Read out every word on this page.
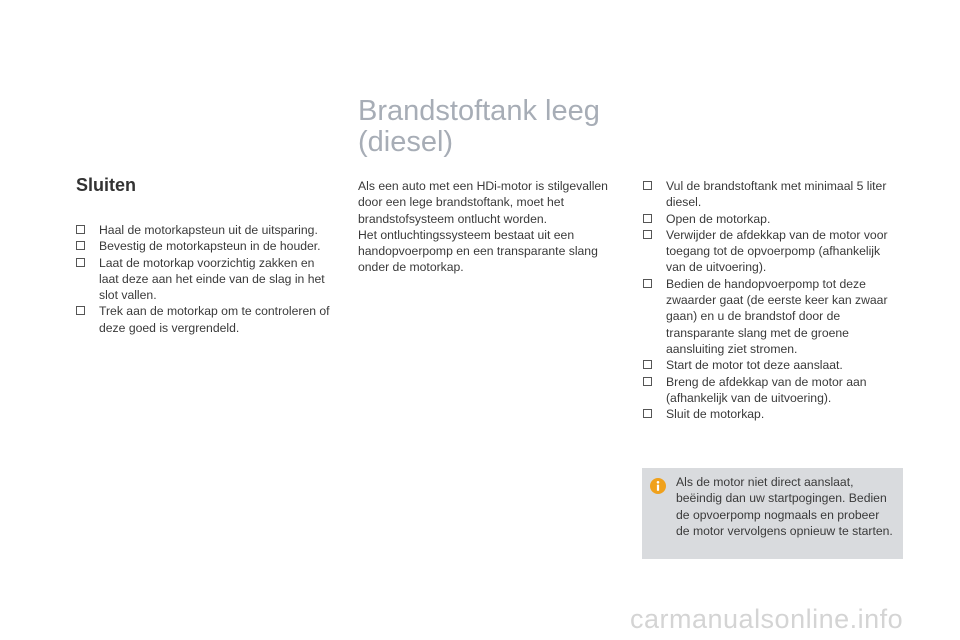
Brandstoftank leeg
(diesel)
Sluiten
Haal de motorkapsteun uit de uitsparing.
Bevestig de motorkapsteun in de houder.
Laat de motorkap voorzichtig zakken en laat deze aan het einde van de slag in het slot vallen.
Trek aan de motorkap om te controleren of deze goed is vergrendeld.

Als een auto met een HDi-motor is stilgevallen door een lege brandstoftank, moet het brandstofsysteem ontlucht worden.
Het ontluchtingssysteem bestaat uit een handopvoerpomp en een transparante slang onder de motorkap.

Vul de brandstoftank met minimaal 5 liter diesel.
Open de motorkap.
Verwijder de afdekkap van de motor voor toegang tot de opvoerpomp (afhankelijk van de uitvoering).
Bedien de handopvoerpomp tot deze zwaarder gaat (de eerste keer kan zwaar gaan) en u de brandstof door de transparante slang met de groene aansluiting ziet stromen.
Start de motor tot deze aanslaat.
Breng de afdekkap van de motor aan (afhankelijk van de uitvoering).
Sluit de motorkap.

Als de motor niet direct aanslaat, beëindig dan uw startpogingen. Bedien de opvoerpomp nogmaals en probeer de motor vervolgens opnieuw te starten.

carmanualsonline.info
